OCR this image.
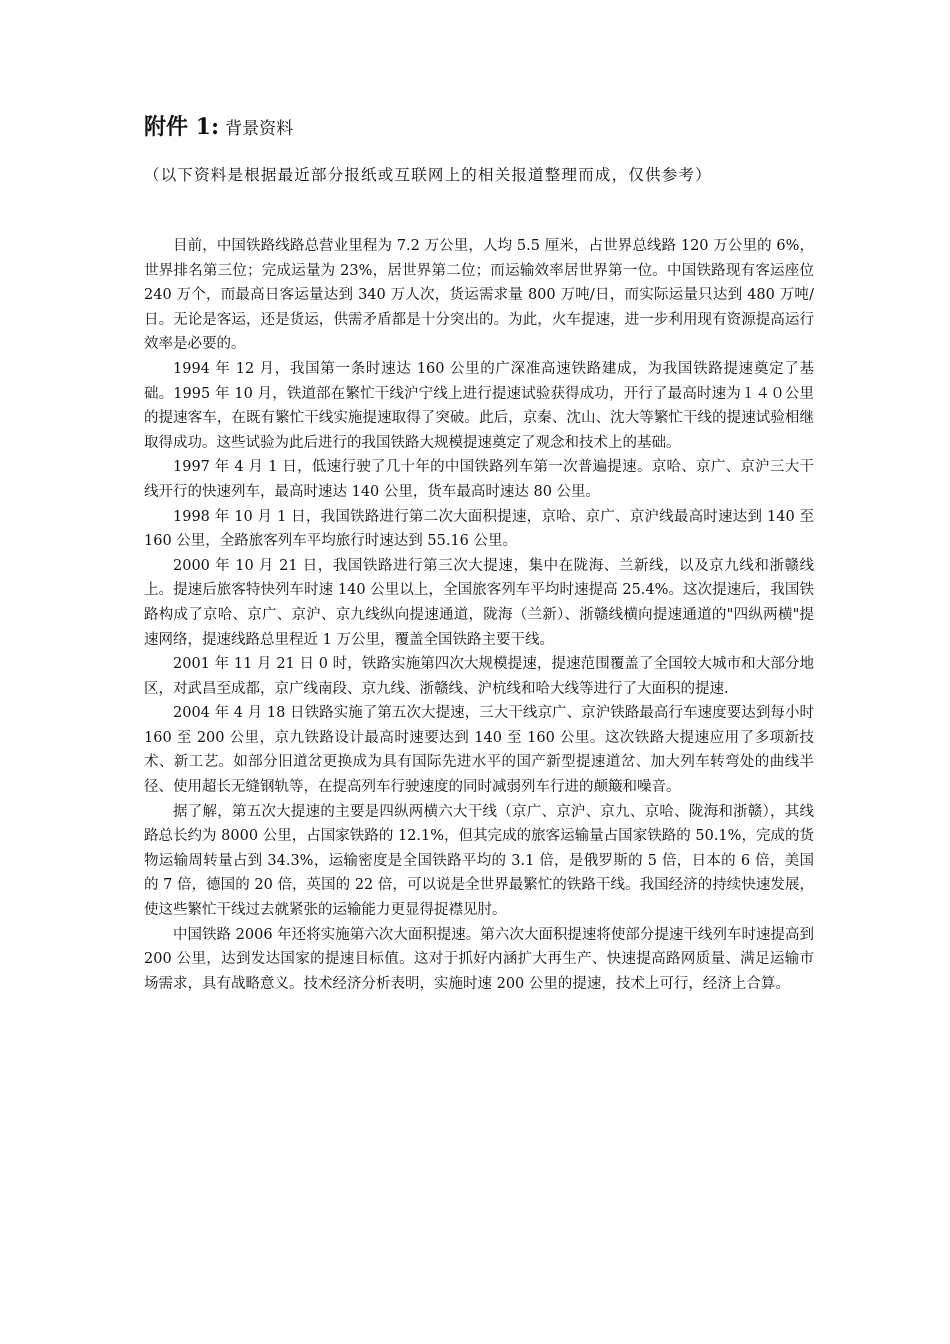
附件 1: 背景资料
（以下资料是根据最近部分报纸或互联网上的相关报道整理而成，仅供参考）

目前，中国铁路线路总营业里程为 7.2 万公里，人均 5.5 厘米，占世界总线路 120 万公里的 6%，世界排名第三位；完成运量为 23%，居世界第二位；而运输效率居世界第一位。中国铁路现有客运座位 240 万个，而最高日客运量达到 340 万人次，货运需求量 800 万吨/日，而实际运量只达到 480 万吨/日。无论是客运，还是货运，供需矛盾都是十分突出的。为此，火车提速，进一步利用现有资源提高运行效率是必要的。

1994 年 12 月，我国第一条时速达 160 公里的广深准高速铁路建成，为我国铁路提速奠定了基础。1995 年 10 月，铁道部在繁忙干线沪宁线上进行提速试验获得成功，开行了最高时速为１４０公里的提速客车，在既有繁忙干线实施提速取得了突破。此后，京秦、沈山、沈大等繁忙干线的提速试验相继取得成功。这些试验为此后进行的我国铁路大规模提速奠定了观念和技术上的基础。

1997 年 4 月 1 日，低速行驶了几十年的中国铁路列车第一次普遍提速。京哈、京广、京沪三大干线开行的快速列车，最高时速达 140 公里，货车最高时速达 80 公里。

1998 年 10 月 1 日，我国铁路进行第二次大面积提速，京哈、京广、京沪线最高时速达到 140 至 160 公里，全路旅客列车平均旅行时速达到 55.16 公里。

2000 年 10 月 21 日，我国铁路进行第三次大提速，集中在陇海、兰新线，以及京九线和浙赣线上。提速后旅客特快列车时速 140 公里以上，全国旅客列车平均时速提高 25.4%。这次提速后，我国铁路构成了京哈、京广、京沪、京九线纵向提速通道，陇海（兰新）、浙赣线横向提速通道的"四纵两横"提速网络，提速线路总里程近 1 万公里，覆盖全国铁路主要干线。

2001 年 11 月 21 日 0 时，铁路实施第四次大规模提速，提速范围覆盖了全国较大城市和大部分地区，对武昌至成都，京广线南段、京九线、浙赣线、沪杭线和哈大线等进行了大面积的提速.

2004 年 4 月 18 日铁路实施了第五次大提速，三大干线京广、京沪铁路最高行车速度要达到每小时 160 至 200 公里，京九铁路设计最高时速要达到 140 至 160 公里。这次铁路大提速应用了多项新技术、新工艺。如部分旧道岔更换成为具有国际先进水平的国产新型提速道岔、加大列车转弯处的曲线半径、使用超长无缝钢轨等，在提高列车行驶速度的同时减弱列车行进的颠簸和噪音。

据了解，第五次大提速的主要是四纵两横六大干线（京广、京沪、京九、京哈、陇海和浙赣），其线路总长约为 8000 公里，占国家铁路的 12.1%，但其完成的旅客运输量占国家铁路的 50.1%，完成的货物运输周转量占到 34.3%，运输密度是全国铁路平均的 3.1 倍，是俄罗斯的 5 倍，日本的 6 倍，美国的 7 倍，德国的 20 倍，英国的 22 倍，可以说是全世界最繁忙的铁路干线。我国经济的持续快速发展，使这些繁忙干线过去就紧张的运输能力更显得捉襟见肘。

中国铁路 2006 年还将实施第六次大面积提速。第六次大面积提速将使部分提速干线列车时速提高到 200 公里，达到发达国家的提速目标值。这对于抓好内涵扩大再生产、快速提高路网质量、满足运输市场需求，具有战略意义。技术经济分析表明，实施时速 200 公里的提速，技术上可行，经济上合算。
